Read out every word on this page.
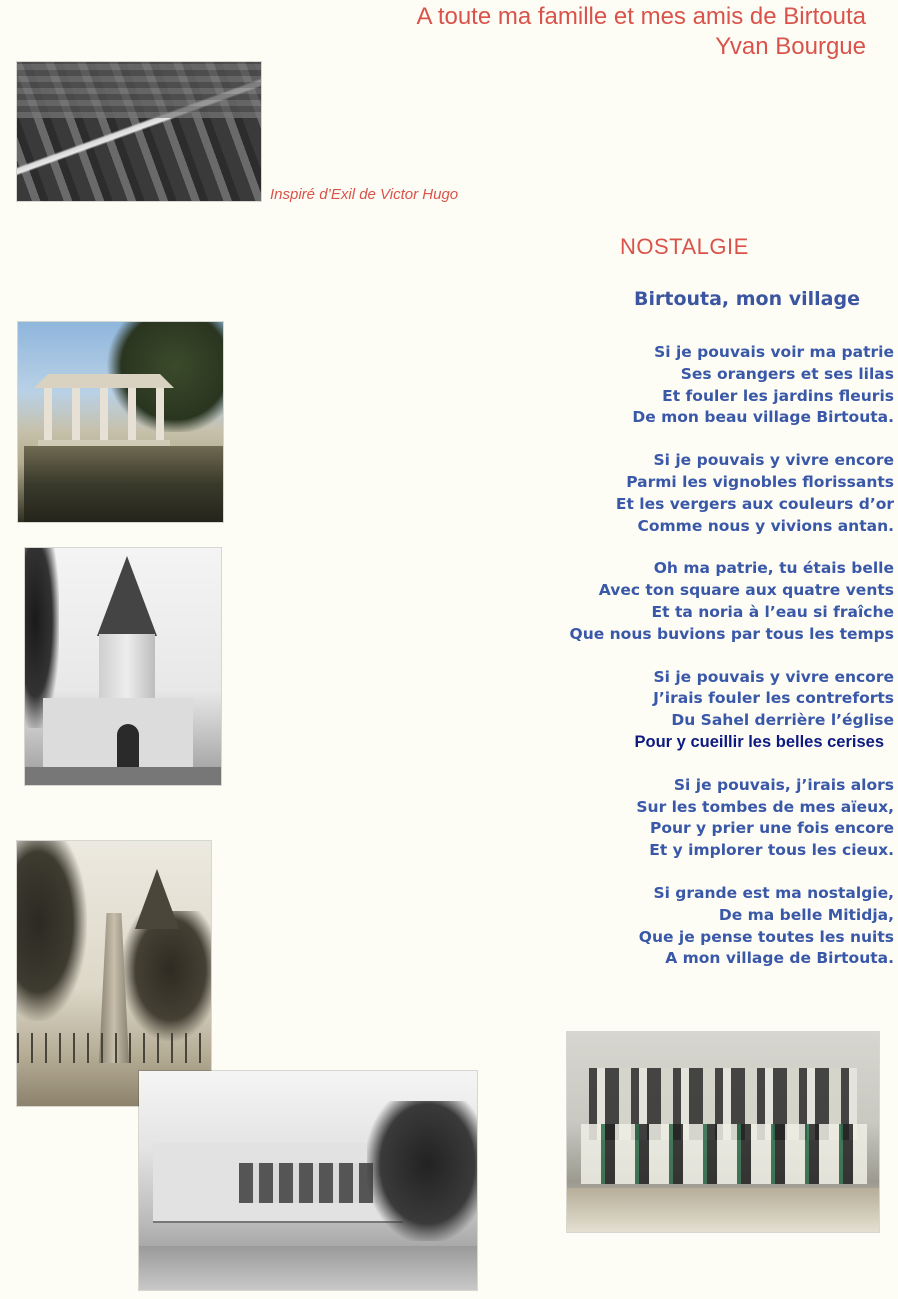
A toute ma famille et mes amis de Birtouta
Yvan Bourgue
Inspiré d’Exil de Victor Hugo
NOSTALGIE
Birtouta, mon village
Si je pouvais voir ma patrie
Ses orangers et ses lilas
Et fouler les jardins fleuris
De mon beau village Birtouta.
Si je pouvais y vivre encore
Parmi les vignobles florissants
Et les vergers aux couleurs d’or
Comme nous y vivions antan.
Oh ma patrie, tu étais belle
Avec ton square aux quatre vents
Et ta noria à l’eau si fraîche
Que nous buvions par tous les temps
Si je pouvais y vivre encore
J’irais fouler les contreforts
Du Sahel derrière l’église
Pour y cueillir les belles cerises
Si je pouvais, j’irais alors
Sur les tombes de mes aïeux,
Pour y prier une fois encore
Et y implorer tous les cieux.
Si grande est ma nostalgie,
De ma belle Mitidja,
Que je pense toutes les nuits
A mon village de Birtouta.
